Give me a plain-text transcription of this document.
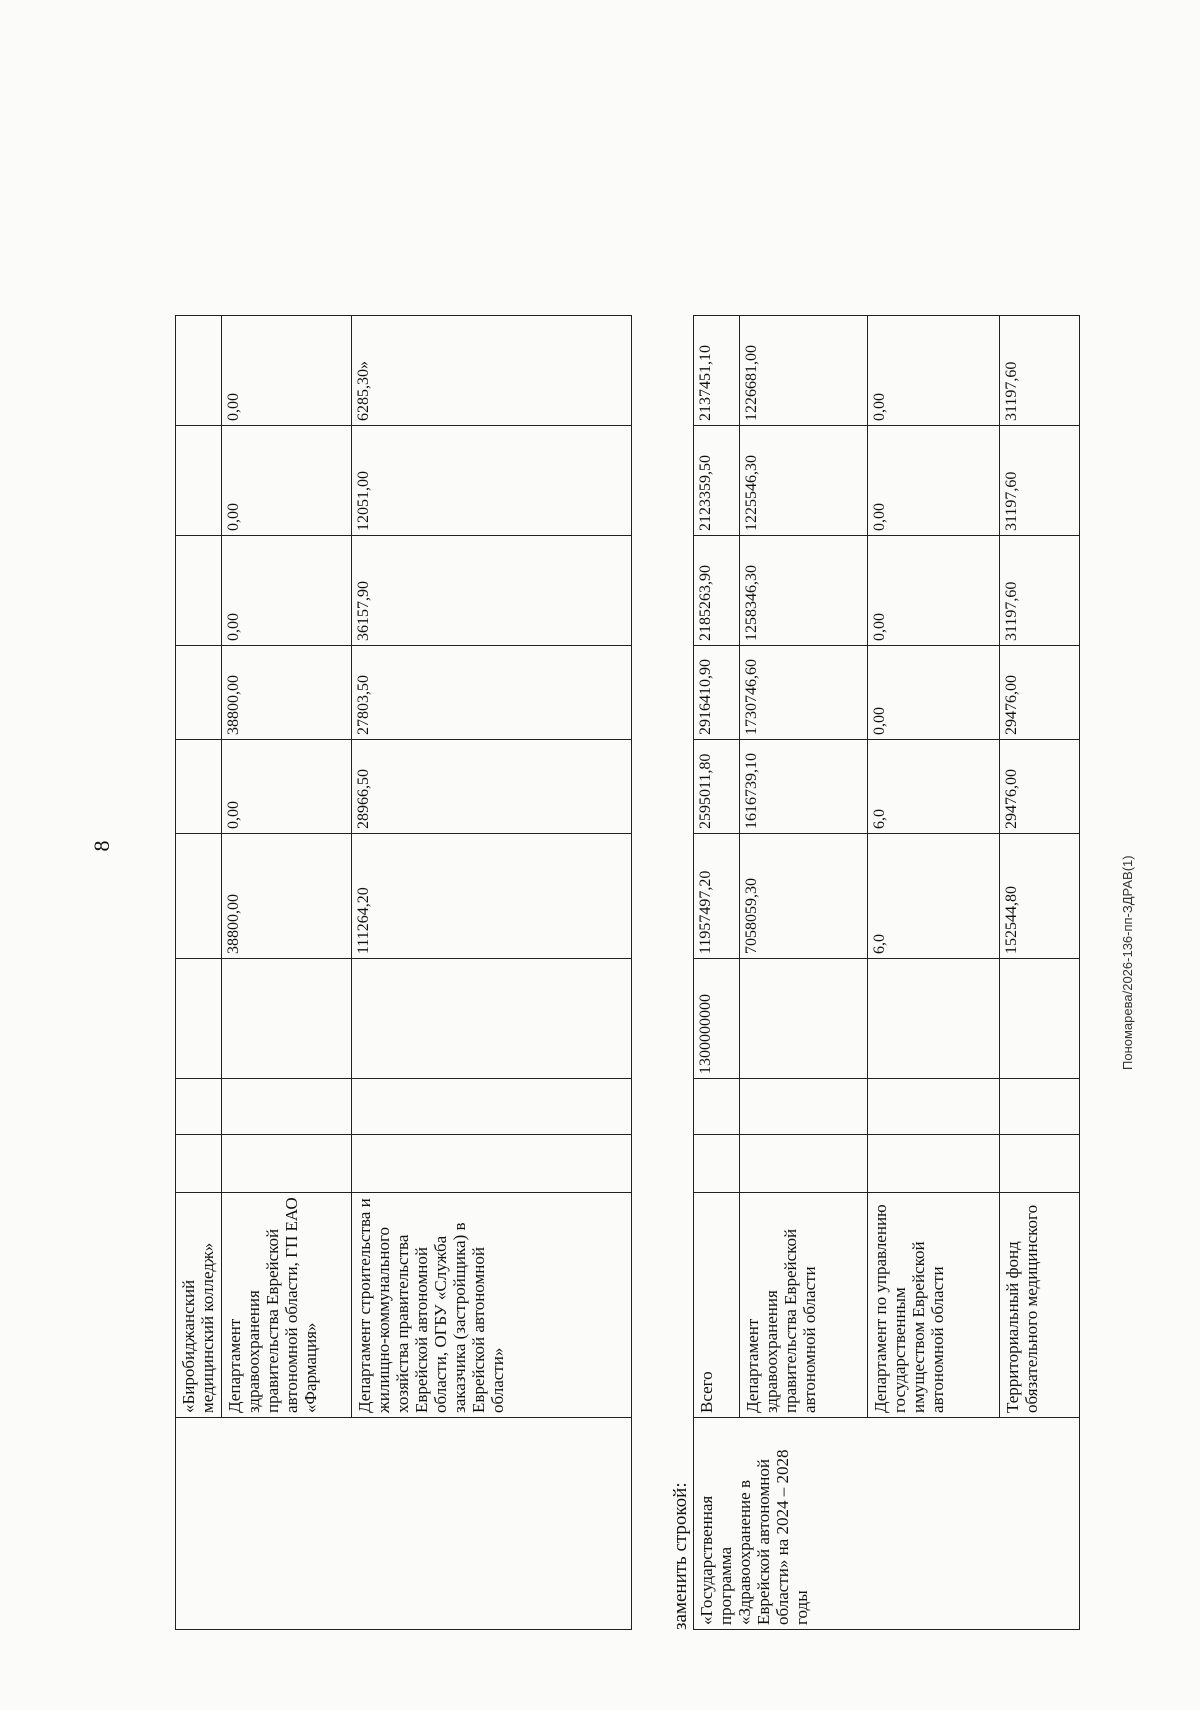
8
Пономарева/2026-136-пп-ЗДРАВ(1)
	«Биробиджанский медицинский колледж»									
	Департамент здравоохранения правительства Еврейской автономной области, ГП ЕАО «Фармация»				38800,00	0,00	38800,00	0,00	0,00	0,00
	Департамент строительства и жилищно-коммунального хозяйства правительства Еврейской автономной области, ОГБУ «Служба заказчика (застройщика) в Еврейской автономной области»				111264,20	28966,50	27803,50	36157,90	12051,00	6285,30»
заменить строкой: «Государственная программа «Здравоохранение в Еврейской автономной области» на 2024 – 2028 годы	Всего			1300000000	11957497,20	2595011,80	2916410,90	2185263,90	2123359,50	2137451,10
	Департамент здравоохранения правительства Еврейской автономной области				7058059,30	1616739,10	1730746,60	1258346,30	1225546,30	1226681,00
	Департамент по управлению государственным имуществом Еврейской автономной области				6,0	6,0	0,00	0,00	0,00	0,00
	Территориальный фонд обязательного медицинского				152544,80	29476,00	29476,00	31197,60	31197,60	31197,60
